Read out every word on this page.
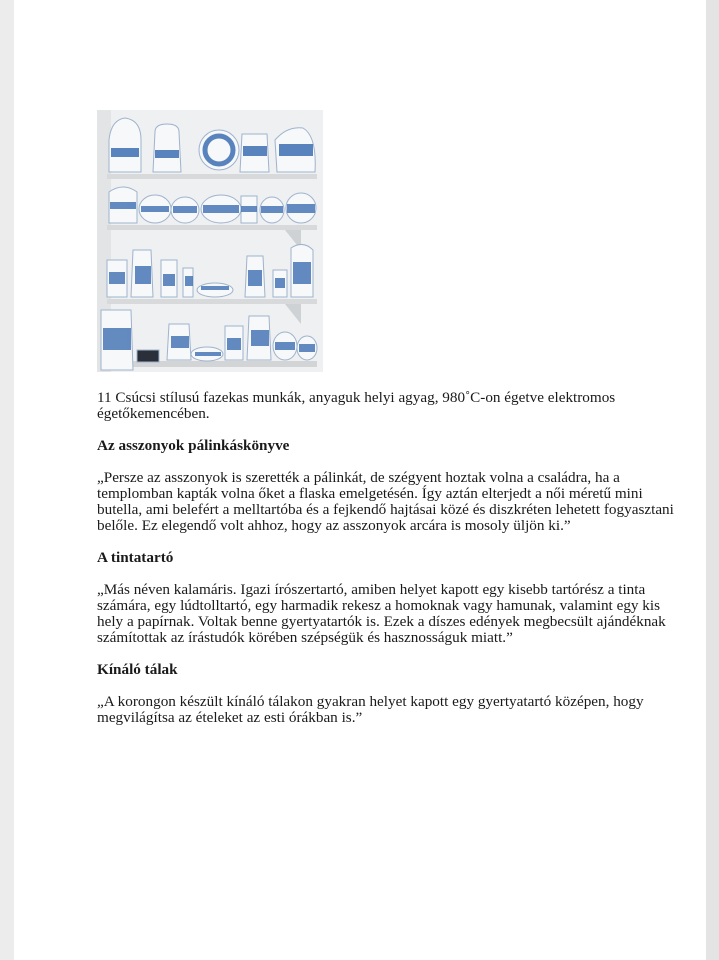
11 Csúcsi stílusú fazekas munkák, anyaguk helyi agyag, 980˚C-on égetve elektromos égetőkemencében.
Az asszonyok pálinkáskönyve

„Persze az asszonyok is szerették a pálinkát, de szégyent hoztak volna a családra, ha a templomban kapták volna őket a flaska emelgetésén. Így aztán elterjedt a női méretű mini butella, ami belefért a melltartóba és a fejkendő hajtásai közé és diszkréten lehetett fogyasztani belőle. Ez elegendő volt ahhoz, hogy az asszonyok arcára is mosoly üljön ki.”

A tintatartó

„Más néven kalamáris. Igazi írószertartó, amiben helyet kapott egy kisebb tartórész a tinta számára, egy lúdtolltartó, egy harmadik rekesz a homoknak vagy hamunak, valamint egy kis hely a papírnak. Voltak benne gyertyatartók is. Ezek a díszes edények megbecsült ajándéknak számítottak az írástudók körében szépségük és hasznosságuk miatt.”

Kínáló tálak

„A korongon készült kínáló tálakon gyakran helyet kapott egy gyertyatartó középen, hogy megvilágítsa az ételeket az esti órákban is.”
